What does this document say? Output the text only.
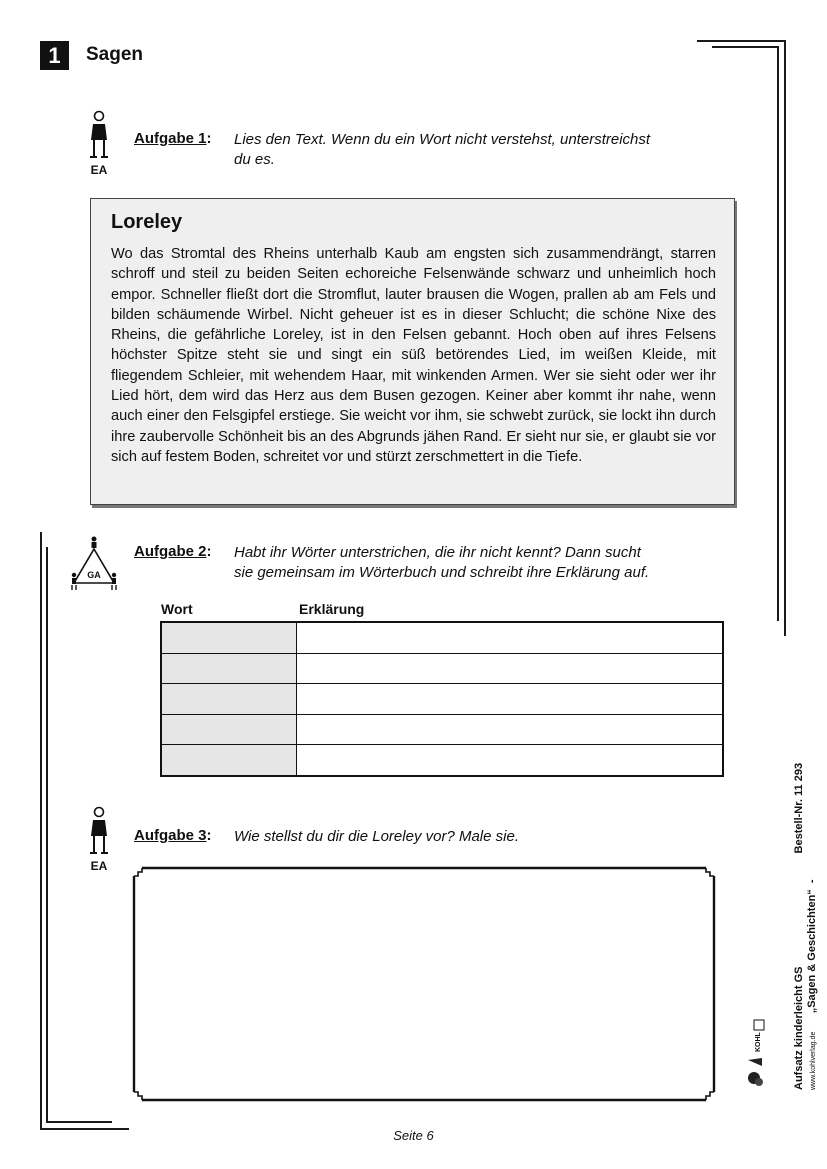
1	Sagen
EA
Aufgabe 1: Lies den Text. Wenn du ein Wort nicht verstehst, unterstreichst
du es.
Loreley

Wo das Stromtal des Rheins unterhalb Kaub am engsten sich zusammendrängt, starren schroff und steil zu beiden Seiten echoreiche Felsenwände schwarz und unheimlich hoch empor. Schneller fließt dort die Stromflut, lauter brausen die Wogen, prallen ab am Fels und bilden schäumende Wirbel. Nicht geheuer ist es in dieser Schlucht; die schöne Nixe des Rheins, die gefährliche Loreley, ist in den Felsen gebannt. Hoch oben auf ihres Felsens höchster Spitze steht sie und singt ein süß betörendes Lied, im weißen Kleide, mit fliegendem Schleier, mit wehendem Haar, mit winkenden Armen. Wer sie sieht oder wer ihr Lied hört, dem wird das Herz aus dem Busen gezogen. Keiner aber kommt ihr nahe, wenn auch einer den Felsgipfel erstiege. Sie weicht vor ihm, sie schwebt zurück, sie lockt ihn durch ihre zaubervolle Schönheit bis an des Abgrunds jähen Rand. Er sieht nur sie, er glaubt sie vor sich auf festem Boden, schreitet vor und stürzt zerschmettert in die Tiefe.

GA
Aufgabe 2: Habt ihr Wörter unterstrichen, die ihr nicht kennt? Dann sucht
sie gemeinsam im Wörterbuch und schreibt ihre Erklärung auf.
Wort	Erklärung

EA
Aufgabe 3: Wie stellst du dir die Loreley vor? Male sie.
Aufsatz kinderleicht GS                                     Bestell-Nr. 11 293
www.kohlverlag.de      „Sagen & Geschichten“  -
KOHL
Seite 6
